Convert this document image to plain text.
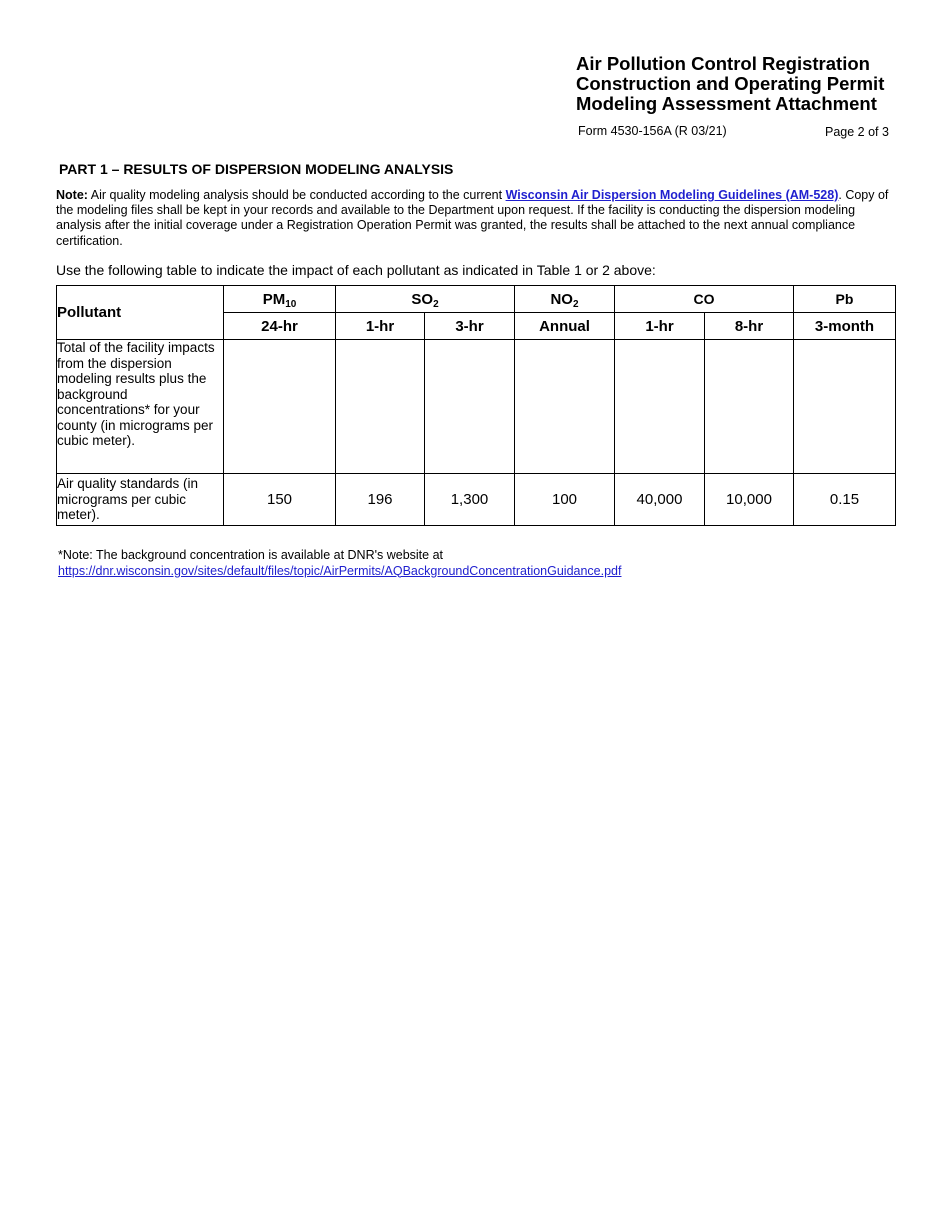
Air Pollution Control Registration
Construction and Operating Permit
Modeling Assessment Attachment
Form 4530-156A (R 03/21)	Page 2 of 3
PART 1 – RESULTS OF DISPERSION MODELING ANALYSIS
Note: Air quality modeling analysis should be conducted according to the current Wisconsin Air Dispersion Modeling Guidelines (AM-528). Copy of the modeling files shall be kept in your records and available to the Department upon request. If the facility is conducting the dispersion modeling analysis after the initial coverage under a Registration Operation Permit was granted, the results shall be attached to the next annual compliance certification.
Use the following table to indicate the impact of each pollutant as indicated in Table 1 or 2 above:
Pollutant	$PM_{10}$	$SO_2$		$NO_2$	CO		Pb
	24-hr	1-hr	3-hr	Annual	1-hr	8-hr	3-month
Total of the facility impacts from the dispersion modeling results plus the background concentrations* for your county (in micrograms per cubic meter).							
Air quality standards (in micrograms per cubic meter).	150	196	1,300	100	40,000	10,000	0.15
*Note: The background concentration is available at DNR's website at
https://dnr.wisconsin.gov/sites/default/files/topic/AirPermits/AQBackgroundConcentrationGuidance.pdf
